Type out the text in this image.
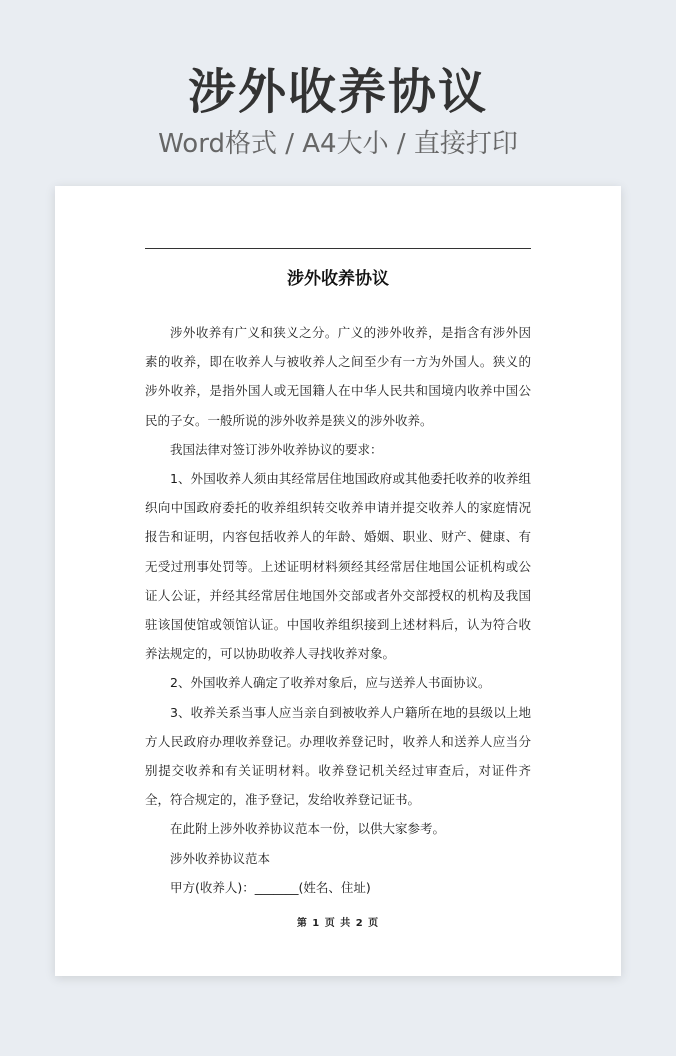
涉外收养协议
Word格式 / A4大小 / 直接打印
涉外收养协议

涉外收养有广义和狭义之分。广义的涉外收养，是指含有涉外因素的收养，即在收养人与被收养人之间至少有一方为外国人。狭义的涉外收养，是指外国人或无国籍人在中华人民共和国境内收养中国公民的子女。一般所说的涉外收养是狭义的涉外收养。

我国法律对签订涉外收养协议的要求：

1、外国收养人须由其经常居住地国政府或其他委托收养的收养组织向中国政府委托的收养组织转交收养申请并提交收养人的家庭情况报告和证明，内容包括收养人的年龄、婚姻、职业、财产、健康、有无受过刑事处罚等。上述证明材料须经其经常居住地国公证机构或公证人公证，并经其经常居住地国外交部或者外交部授权的机构及我国驻该国使馆或领馆认证。中国收养组织接到上述材料后，认为符合收养法规定的，可以协助收养人寻找收养对象。

2、外国收养人确定了收养对象后，应与送养人书面协议。

3、收养关系当事人应当亲自到被收养人户籍所在地的县级以上地方人民政府办理收养登记。办理收养登记时，收养人和送养人应当分别提交收养和有关证明材料。收养登记机关经过审查后，对证件齐全，符合规定的，准予登记，发给收养登记证书。

在此附上涉外收养协议范本一份，以供大家参考。

涉外收养协议范本

甲方(收养人)：_______(姓名、住址)

第 1 页 共 2 页
